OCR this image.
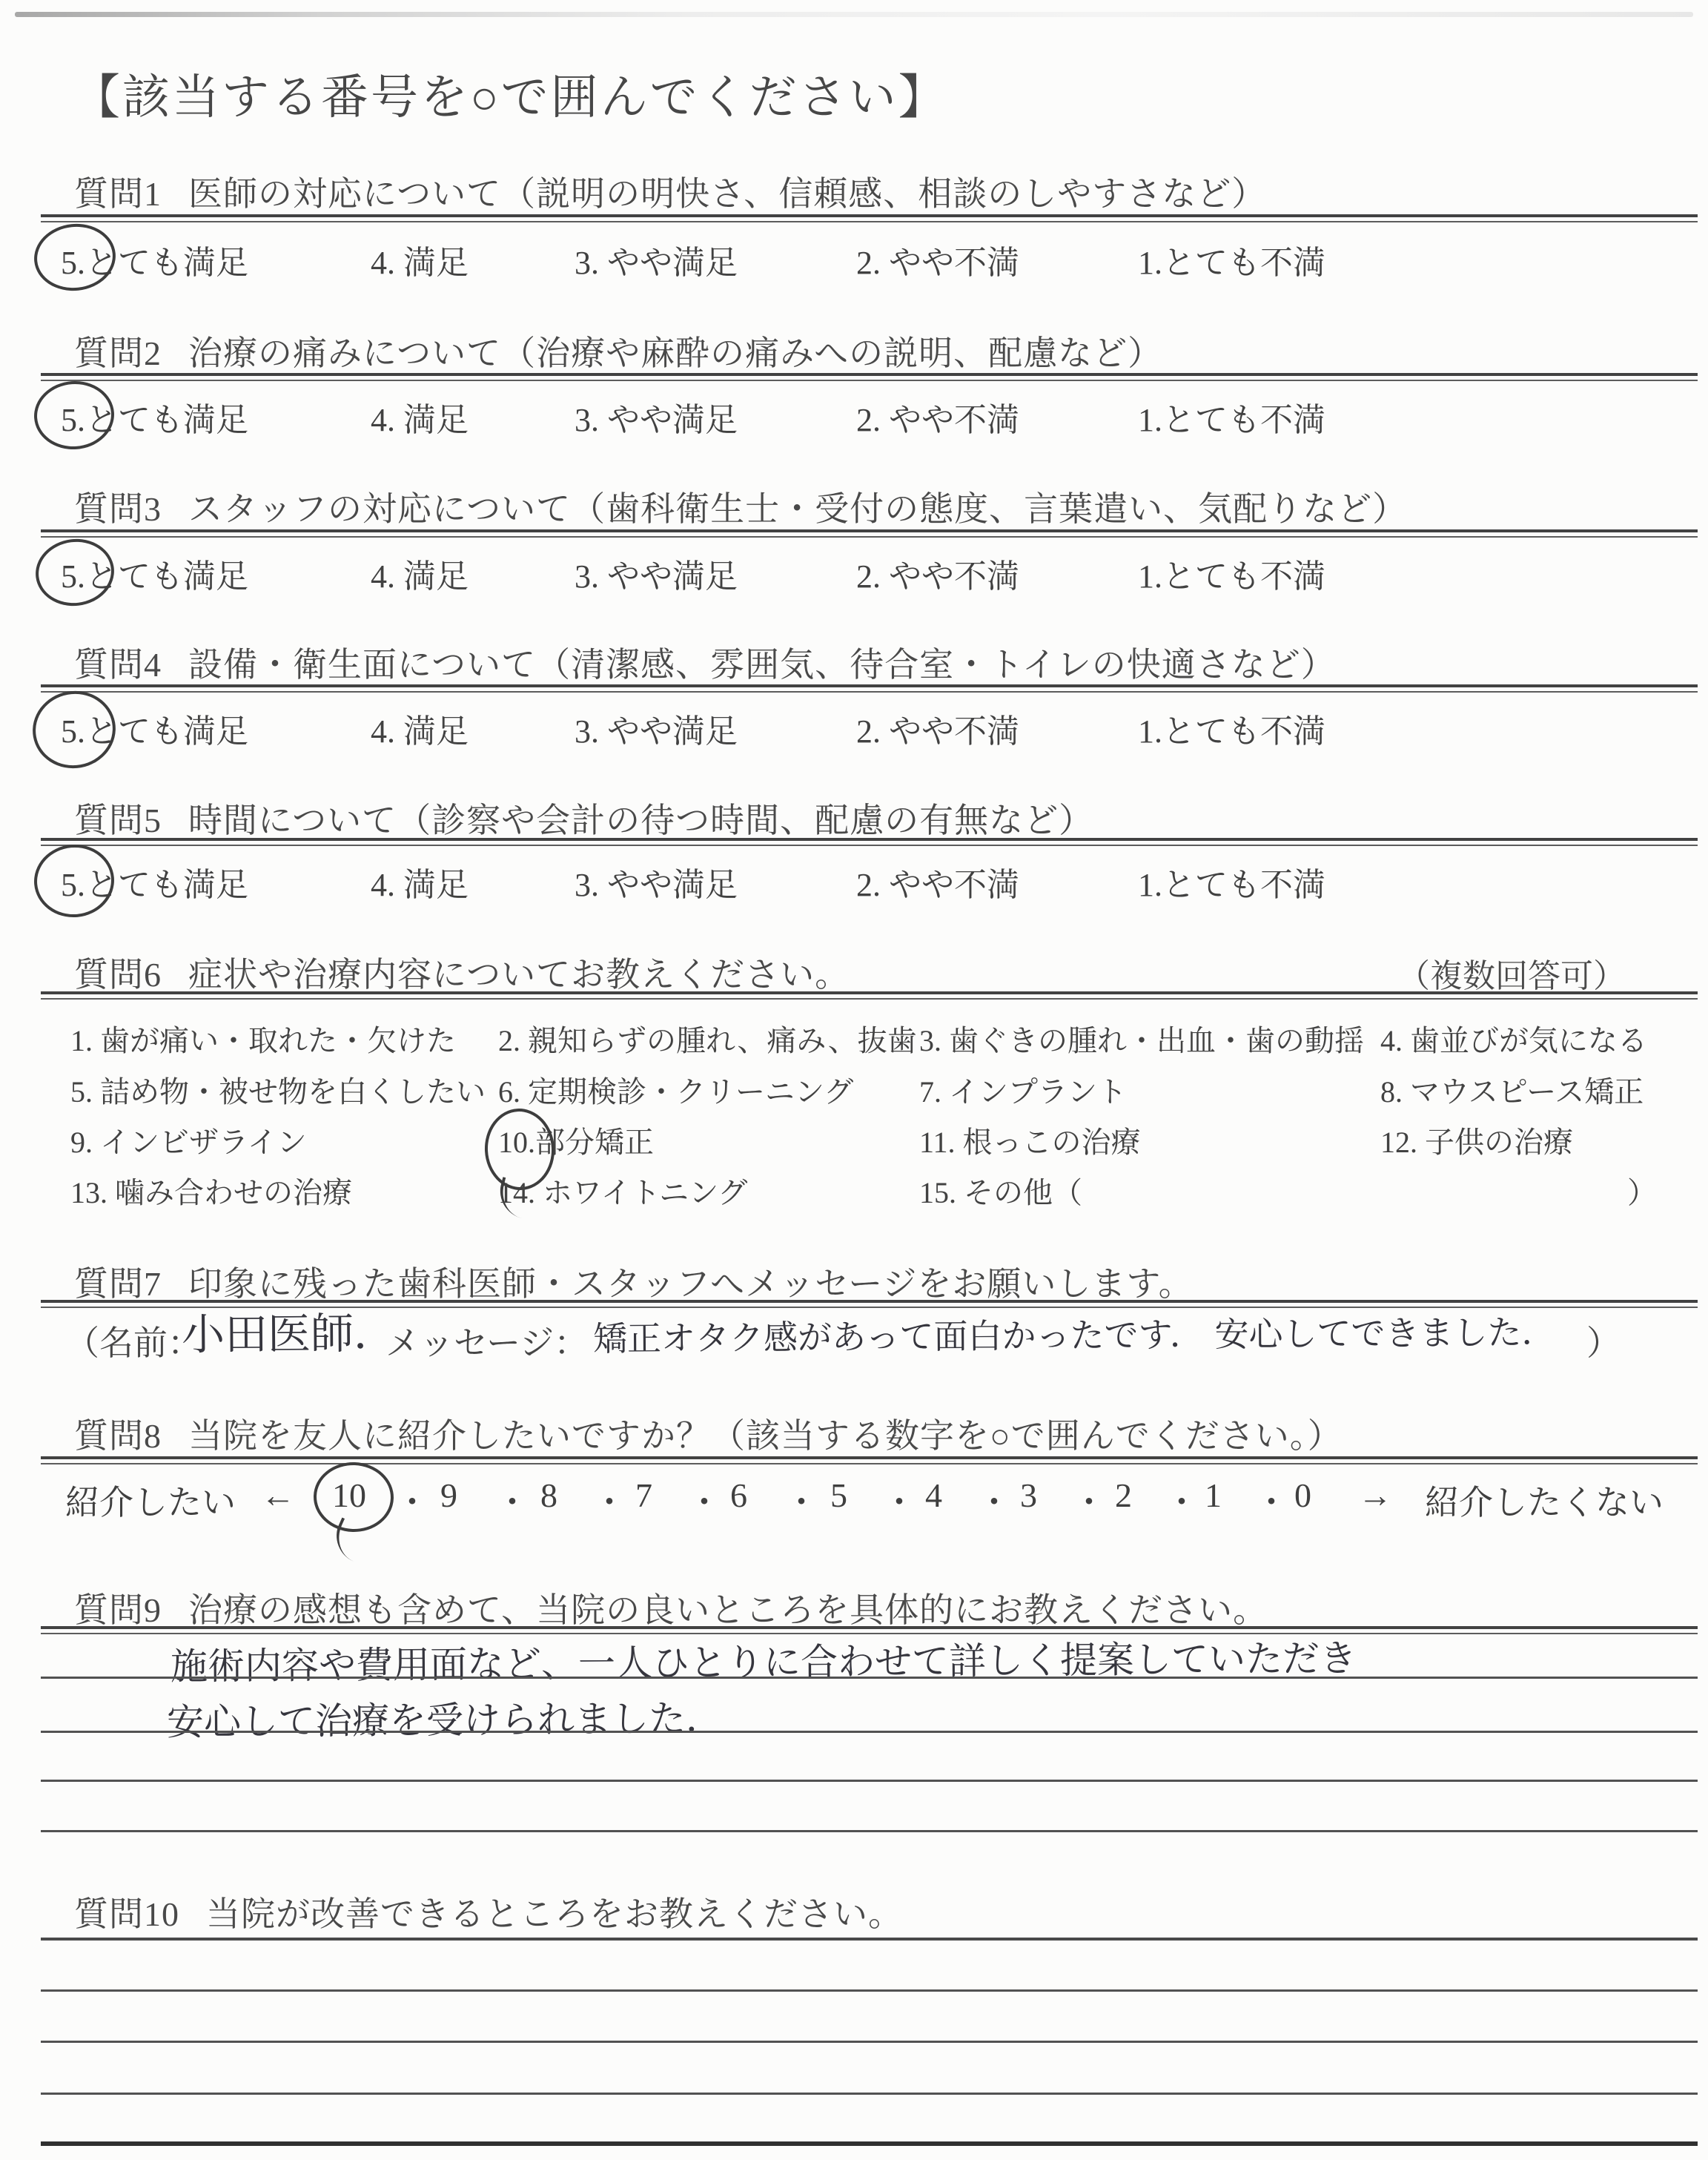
【該当する番号を○で囲んでください】
質問1 医師の対応について（説明の明快さ、信頼感、相談のしやすさなど）
5.とても満足	4. 満足	3. やや満足	2. やや不満	1.とても不満
質問2 治療の痛みについて（治療や麻酔の痛みへの説明、配慮など）
5.とても満足	4. 満足	3. やや満足	2. やや不満	1.とても不満
質問3 スタッフの対応について（歯科衛生士・受付の態度、言葉遣い、気配りなど）
5.とても満足	4. 満足	3. やや満足	2. やや不満	1.とても不満
質問4 設備・衛生面について（清潔感、雰囲気、待合室・トイレの快適さなど）
5.とても満足	4. 満足	3. やや満足	2. やや不満	1.とても不満
質問5 時間について（診察や会計の待つ時間、配慮の有無など）
5.とても満足	4. 満足	3. やや満足	2. やや不満	1.とても不満
質問6 症状や治療内容についてお教えください。	（複数回答可）
1. 歯が痛い・取れた・欠けた 2. 親知らずの腫れ、痛み、抜歯 3. 歯ぐきの腫れ・出血・歯の動揺 4. 歯並びが気になる
5. 詰め物・被せ物を白くしたい 6. 定期検診・クリーニング 7. インプラント	8. マウスピース矯正
9. インビザライン	10.部分矯正	11. 根っこの治療	12. 子供の治療
13. 噛み合わせの治療	14. ホワイトニング	15. その他（	）
質問7 印象に残った歯科医師・スタッフへメッセージをお願いします。
（名前：
小田医師．
メッセージ： 矯正オタク感があって面白かったです． 安心してできました． ）
質問8 当院を友人に紹介したいですか？（該当する数字を○で囲んでください。）
紹介したい ← 10 ・ 9 ・ 8 ・ 7 ・ 6 ・ 5 ・ 4 ・ 3 ・ 2 ・ 1 ・ 0 → 紹介したくない
質問9 治療の感想も含めて、当院の良いところを具体的にお教えください。
施術内容や費用面など、一人ひとりに合わせて詳しく提案していただき
安心して治療を受けられました．
質問10 当院が改善できるところをお教えください。
